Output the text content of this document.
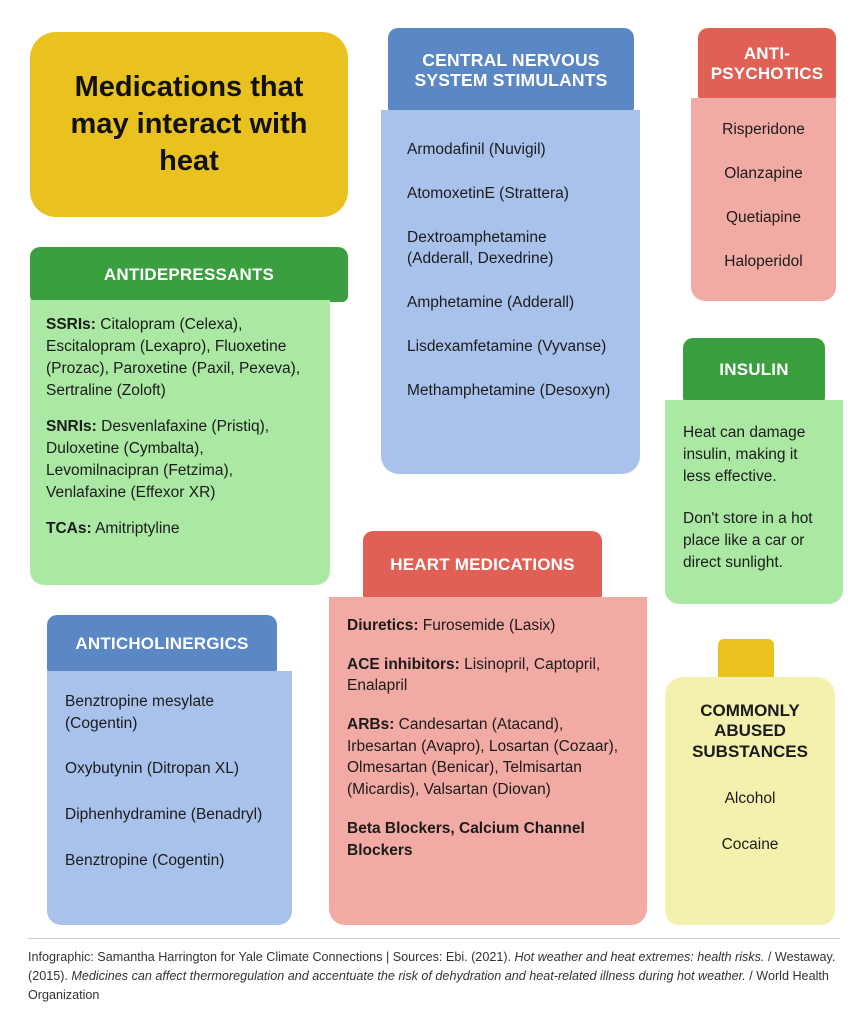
Medications that may interact with heat
ANTIDEPRESSANTS

SSRIs: Citalopram (Celexa), Escitalopram (Lexapro), Fluoxetine (Prozac), Paroxetine (Paxil, Pexeva), Sertraline (Zoloft)

SNRIs: Desvenlafaxine (Pristiq), Duloxetine (Cymbalta), Levomilnacipran (Fetzima), Venlafaxine (Effexor XR)

TCAs: Amitriptyline

ANTICHOLINERGICS

Benztropine mesylate (Cogentin)

Oxybutynin (Ditropan XL)

Diphenhydramine (Benadryl)

Benztropine (Cogentin)

CENTRAL NERVOUS SYSTEM STIMULANTS

Armodafinil (Nuvigil)

AtomoxetinE (Strattera)

Dextroamphetamine (Adderall, Dexedrine)

Amphetamine (Adderall)

Lisdexamfetamine (Vyvanse)

Methamphetamine (Desoxyn)

HEART MEDICATIONS

Diuretics: Furosemide (Lasix)

ACE inhibitors: Lisinopril, Captopril, Enalapril

ARBs: Candesartan (Atacand), Irbesartan (Avapro), Losartan (Cozaar), Olmesartan (Benicar), Telmisartan (Micardis), Valsartan (Diovan)

Beta Blockers, Calcium Channel Blockers

ANTI-PSYCHOTICS

Risperidone

Olanzapine

Quetiapine

Haloperidol

INSULIN

Heat can damage insulin, making it less effective.

Don't store in a hot place like a car or direct sunlight.

COMMONLY ABUSED SUBSTANCES

Alcohol

Cocaine

Infographic: Samantha Harrington for Yale Climate Connections | Sources: Ebi. (2021). Hot weather and heat extremes: health risks. / Westaway. (2015). Medicines can affect thermoregulation and accentuate the risk of dehydration and heat-related illness during hot weather. / World Health Organization
